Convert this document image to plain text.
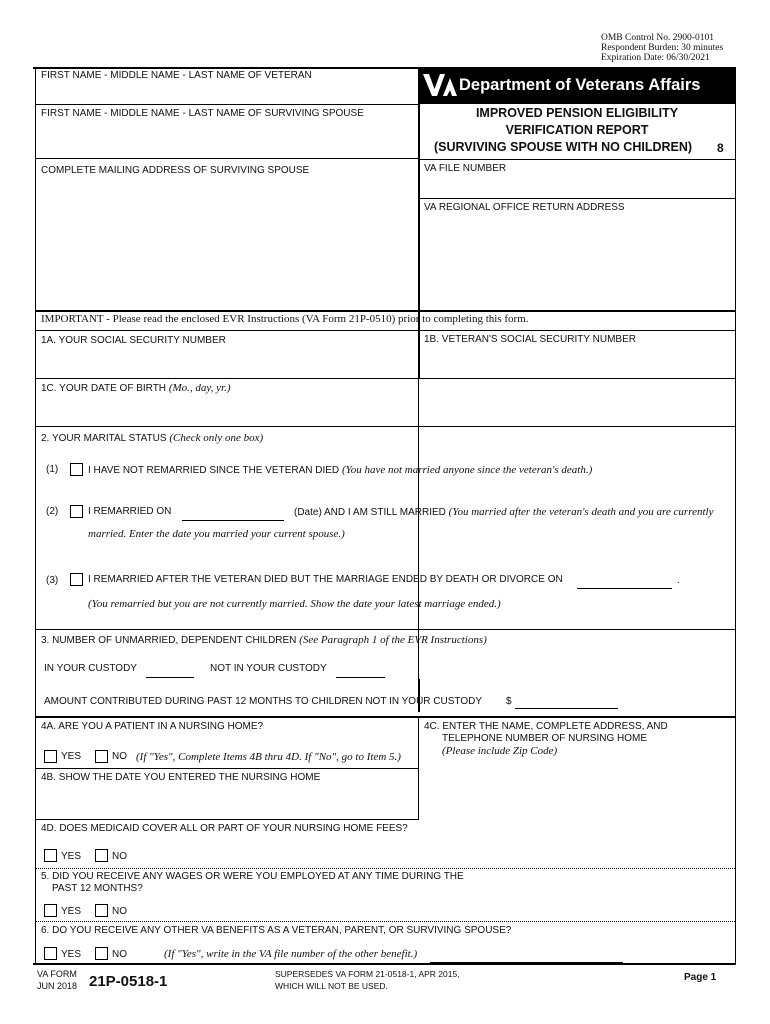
OMB Control No. 2900-0101
Respondent Burden: 30 minutes
Expiration Date: 06/30/2021
FIRST NAME - MIDDLE NAME - LAST NAME OF VETERAN
FIRST NAME - MIDDLE NAME - LAST NAME OF SURVIVING SPOUSE
COMPLETE MAILING ADDRESS OF SURVIVING SPOUSE
Department of Veterans Affairs
IMPROVED PENSION ELIGIBILITY
VERIFICATION REPORT
(SURVIVING SPOUSE WITH NO CHILDREN)	8
VA FILE NUMBER
VA REGIONAL OFFICE RETURN ADDRESS
IMPORTANT - Please read the enclosed EVR Instructions (VA Form 21P-0510) prior to completing this form.
1A. YOUR SOCIAL SECURITY NUMBER	1B. VETERAN'S SOCIAL SECURITY NUMBER
1C. YOUR DATE OF BIRTH (Mo., day, yr.)
2. YOUR MARITAL STATUS (Check only one box)
(1)	I HAVE NOT REMARRIED SINCE THE VETERAN DIED (You have not married anyone since the veteran's death.)
(2)	I REMARRIED ON	(Date) AND I AM STILL MARRIED (You married after the veteran's death and you are currently
married. Enter the date you married your current spouse.)
(3)	I REMARRIED AFTER THE VETERAN DIED BUT THE MARRIAGE ENDED BY DEATH OR DIVORCE ON	.
(You remarried but you are not currently married. Show the date your latest marriage ended.)
3. NUMBER OF UNMARRIED, DEPENDENT CHILDREN (See Paragraph 1 of the EVR Instructions)
IN YOUR CUSTODY	NOT IN YOUR CUSTODY
AMOUNT CONTRIBUTED DURING PAST 12 MONTHS TO CHILDREN NOT IN YOUR CUSTODY $
4A. ARE YOU A PATIENT IN A NURSING HOME?
YES	NO (If "Yes", Complete Items 4B thru 4D. If "No", go to Item 5.)
4C. ENTER THE NAME, COMPLETE ADDRESS, AND
TELEPHONE NUMBER OF NURSING HOME
(Please include Zip Code)
4B. SHOW THE DATE YOU ENTERED THE NURSING HOME
4D. DOES MEDICAID COVER ALL OR PART OF YOUR NURSING HOME FEES?
YES	NO
5. DID YOU RECEIVE ANY WAGES OR WERE YOU EMPLOYED AT ANY TIME DURING THE
PAST 12 MONTHS?
YES	NO
6. DO YOU RECEIVE ANY OTHER VA BENEFITS AS A VETERAN, PARENT, OR SURVIVING SPOUSE?
YES	NO	(If "Yes", write in the VA file number of the other benefit.)
VA FORM
JUN 2018 21P-0518-1	SUPERSEDES VA FORM 21-0518-1, APR 2015,
WHICH WILL NOT BE USED.
Page 1
